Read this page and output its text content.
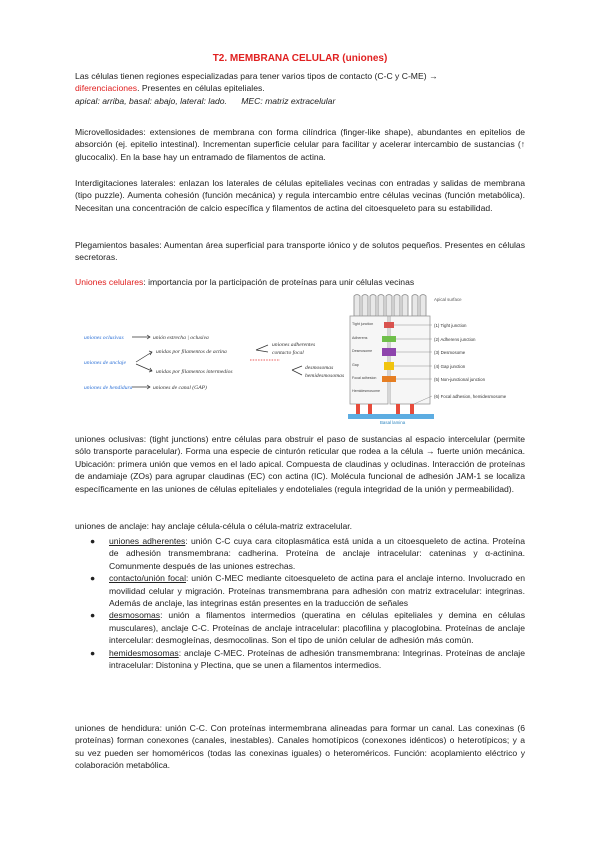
T2. MEMBRANA CELULAR (uniones)
Las células tienen regiones especializadas para tener varios tipos de contacto (C-C y C-ME) →
diferenciaciones. Presentes en células epiteliales.
apical: arriba, basal: abajo, lateral: lado.      MEC: matriz extracelular
Microvellosidades: extensiones de membrana con forma cilíndrica (finger-like shape), abundantes en epitelios de absorción (ej. epitelio intestinal). Incrementan superficie celular para facilitar y acelerar intercambio de sustancias (↑ glucocalix). En la base hay un entramado de filamentos de actina.
Interdigitaciones laterales: enlazan los laterales de células epiteliales vecinas con entradas y salidas de membrana (tipo puzzle). Aumenta cohesión (función mecánica) y regula intercambio entre células vecinas (función metabólica). Necesitan una concentración de calcio específica y filamentos de actina del citoesqueleto para su estabilidad.
Plegamientos basales: Aumentan área superficial para transporte iónico y de solutos pequeños. Presentes en células secretoras.
Uniones celulares: importancia por la participación de proteínas para unir células vecinas
uniones oclusivas
uniones de anclaje
uniones de hendidura
unión estrecha | oclusiva
unidas por filamentos de actina
uniones adherentes
contacto focal
unidas por filamentos intermedios
desmosomas
hemidesmosomas
uniones de canal (GAP)
Apical surface
Basal lamina
Tight junction
Adherens
Desmosome
Gap
Focal adhesion
Hemidesmosome
(1) Tight junction
(2) Adherens junction
(3) Desmosome
(4) Gap junction
(5) Non-junctional junction
(6) Focal adhesion, hemidesmosome
uniones oclusivas: (tight junctions) entre células para obstruir el paso de sustancias al espacio intercelular (permite sólo transporte paracelular). Forma una especie de cinturón reticular que rodea a la célula → fuerte unión mecánica. Ubicación: primera unión que vemos en el lado apical. Compuesta de claudinas y ocludinas. Interacción de proteínas de andamiaje (ZOs) para agrupar claudinas (EC) con actina (IC). Molécula funcional de adhesión JAM-1 se localiza específicamente en las uniones de células epiteliales y endoteliales (regula integridad de la unión y permeabilidad).
uniones de anclaje: hay anclaje célula-célula o célula-matriz extracelular.
● uniones adherentes: unión C-C cuya cara citoplasmática está unida a un citoesqueleto de actina. Proteína de adhesión transmembrana: cadherina. Proteína de anclaje intracelular: cateninas y α-actinina. Comunmente después de las uniones estrechas.
● contacto/unión focal: unión C-MEC mediante citoesqueleto de actina para el anclaje interno. Involucrado en movilidad celular y migración. Proteínas transmembrana para adhesión con matriz extracelular: integrinas. Además de anclaje, las integrinas están presentes en la traducción de señales
● desmosomas: unión a filamentos intermedios (queratina en células epiteliales y demina en células musculares), anclaje C-C. Proteínas de anclaje intracelular: placofilina y placoglobina. Proteínas de anclaje intercelular: desmogleínas, desmocolinas. Son el tipo de unión celular de adhesión más común.
● hemidesmosomas: anclaje C-MEC. Proteínas de adhesión transmembrana: Integrinas. Proteínas de anclaje intracelular: Distonina y Plectina, que se unen a filamentos intermedios.
uniones de hendidura: unión C-C. Con proteínas intermembrana alineadas para formar un canal. Las conexinas (6 proteínas) forman conexones (canales, inestables). Canales homotípicos (conexones idénticos) o heterotípicos; y a su vez pueden ser homoméricos (todas las conexinas iguales) o heteroméricos. Función: acoplamiento eléctrico y colaboración metabólica.
